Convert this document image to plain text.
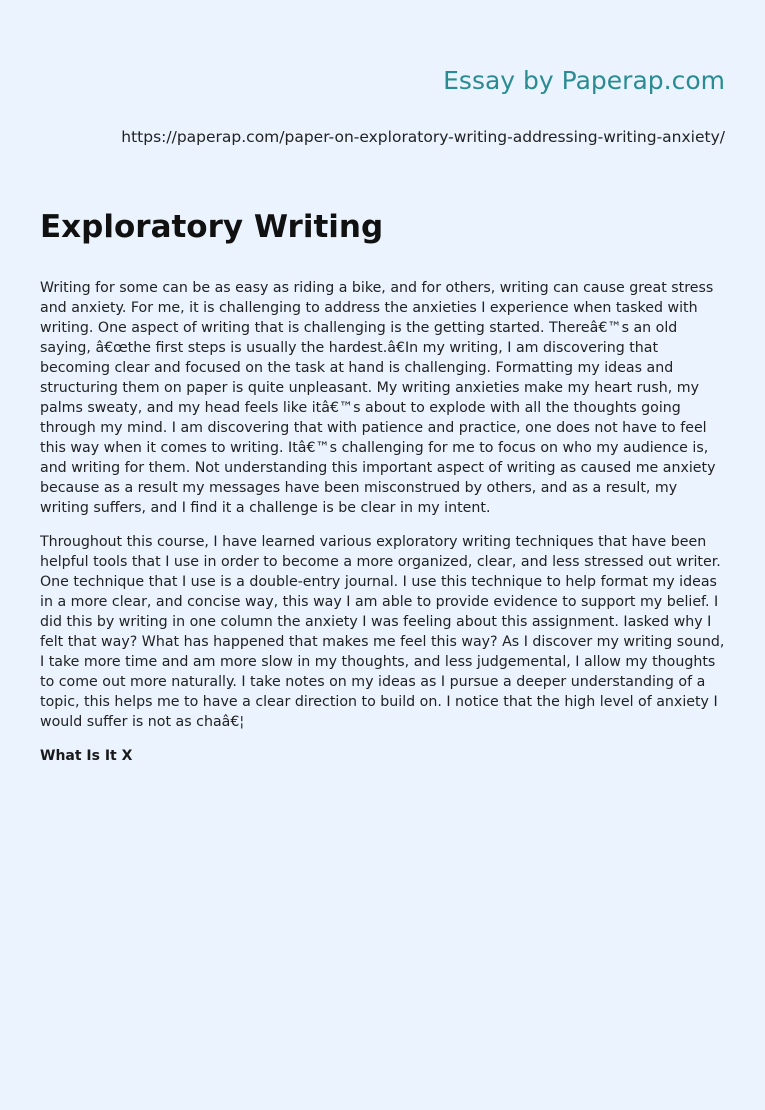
Essay by Paperap.com
https://paperap.com/paper-on-exploratory-writing-addressing-writing-anxiety/
Exploratory Writing

Writing for some can be as easy as riding a bike, and for others, writing can cause great stress and anxiety. For me, it is challenging to address the anxieties I experience when tasked with writing. One aspect of writing that is challenging is the getting started. Thereâ€™s an old saying, â€œthe first steps is usually the hardest.â€In my writing, I am discovering that becoming clear and focused on the task at hand is challenging. Formatting my ideas and structuring them on paper is quite unpleasant. My writing anxieties make my heart rush, my palms sweaty, and my head feels like itâ€™s about to explode with all the thoughts going through my mind. I am discovering that with patience and practice, one does not have to feel this way when it comes to writing. Itâ€™s challenging for me to focus on who my audience is, and writing for them. Not understanding this important aspect of writing as caused me anxiety because as a result my messages have been misconstrued by others, and as a result, my writing suffers, and I find it a challenge is be clear in my intent.

Throughout this course, I have learned various exploratory writing techniques that have been helpful tools that I use in order to become a more organized, clear, and less stressed out writer. One technique that I use is a double-entry journal. I use this technique to help format my ideas in a more clear, and concise way, this way I am able to provide evidence to support my belief. I did this by writing in one column the anxiety I was feeling about this assignment. Iasked why I felt that way? What has happened that makes me feel this way? As I discover my writing sound, I take more time and am more slow in my thoughts, and less judgemental, I allow my thoughts to come out more naturally. I take notes on my ideas as I pursue a deeper understanding of a topic, this helps me to have a clear direction to build on. I notice that the high level of anxiety I would suffer is not as chaâ€¦

What Is It X
